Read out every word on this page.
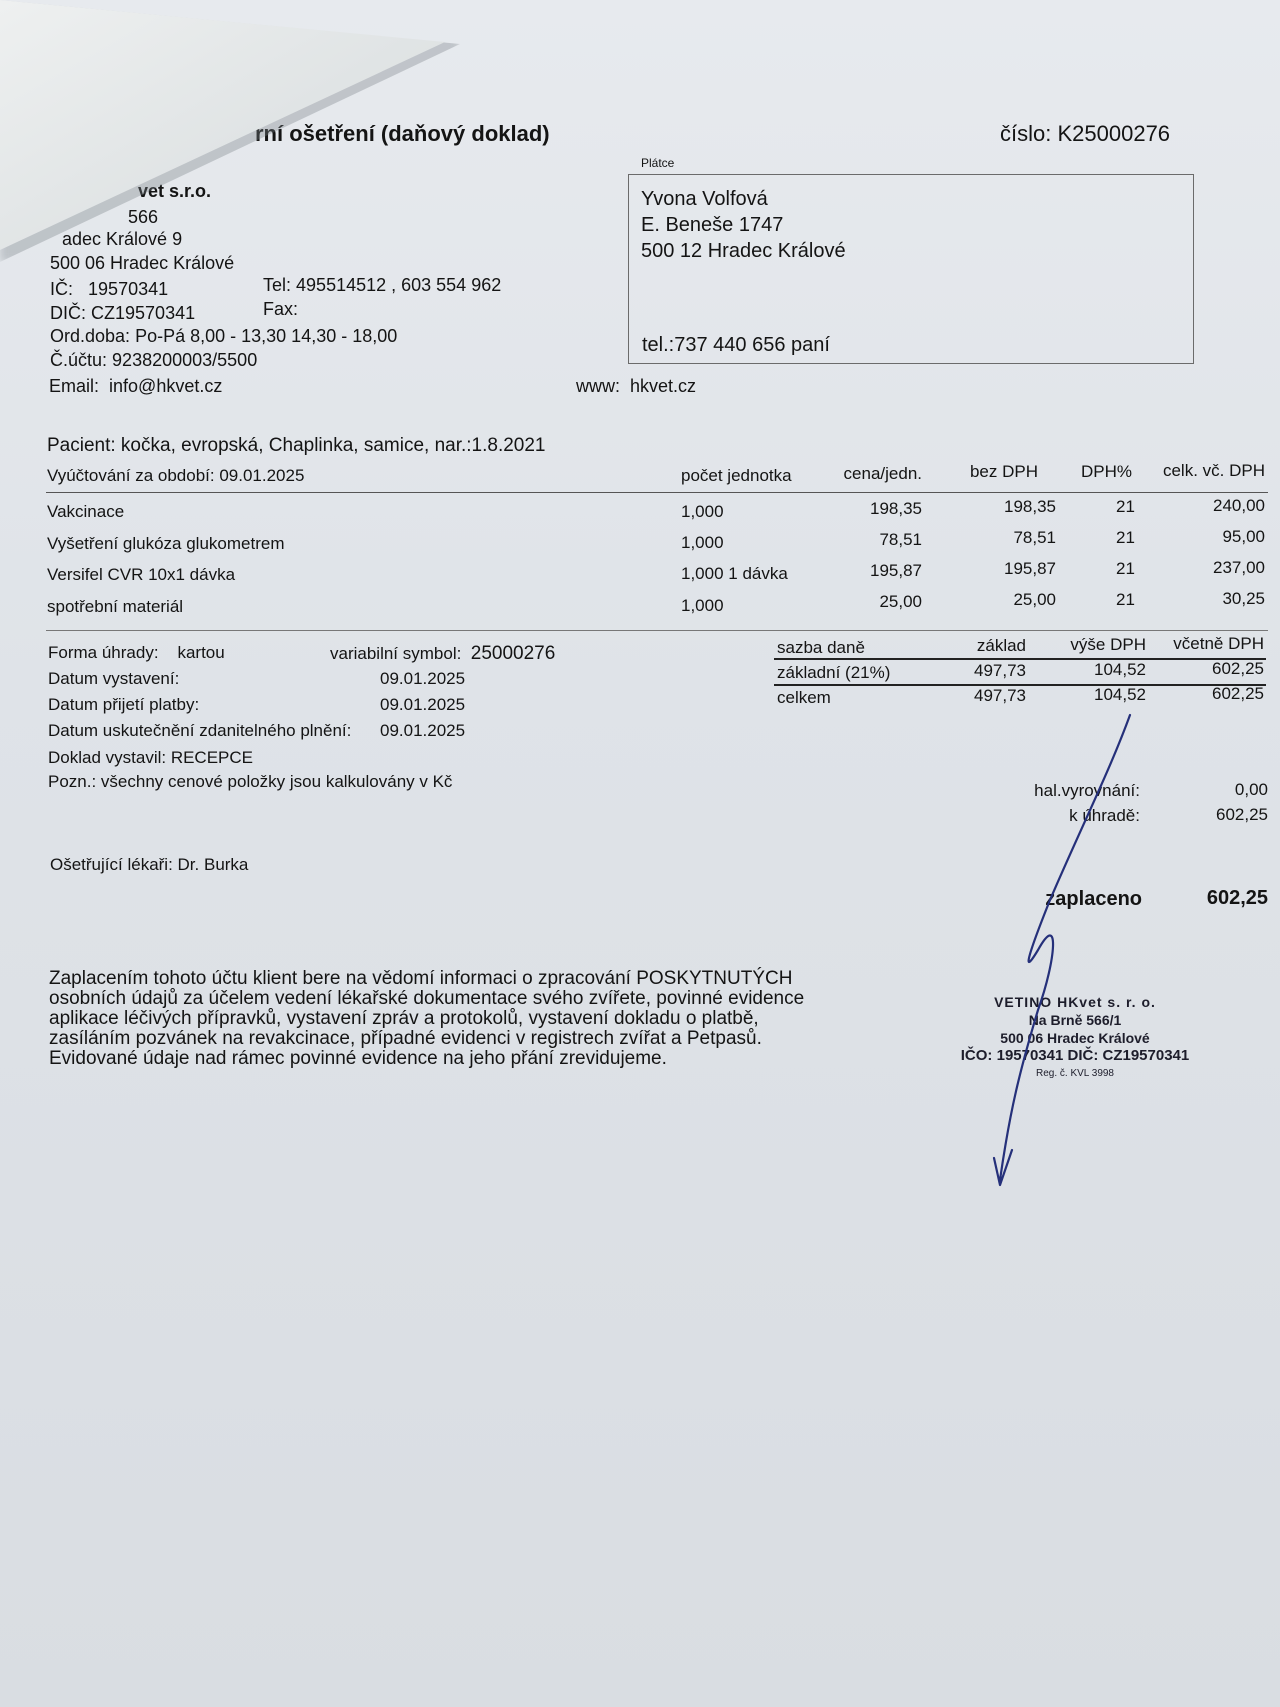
rní ošetření (daňový doklad)	číslo: K25000276
vet s.r.o.
566
adec Králové 9
500 06 Hradec Králové
IČ: 19570341	Tel: 495514512 , 603 554 962
DIČ: CZ19570341	Fax:
Ord.doba: Po-Pá 8,00 - 13,30 14,30 - 18,00
Č.účtu: 9238200003/5500
Email: info@hkvet.cz	www: hkvet.cz
Plátce
Yvona Volfová
E. Beneše 1747
500 12 Hradec Králové
tel.:737 440 656 paní
Pacient: kočka, evropská, Chaplinka, samice, nar.:1.8.2021
Vyúčtování za období: 09.01.2025	počet jednotka	cena/jedn.	bez DPH	DPH%	celk. vč. DPH
Vakcinace	1,000	198,35	198,35	21	240,00
Vyšetření glukóza glukometrem	1,000	78,51	78,51	21	95,00
Versifel CVR 10x1 dávka	1,000 1 dávka	195,87	195,87	21	237,00
spotřební materiál	1,000	25,00	25,00	21	30,25
Forma úhrady: kartou	variabilní symbol: 25000276
Datum vystavení:	09.01.2025
Datum přijetí platby:	09.01.2025
Datum uskutečnění zdanitelného plnění: 09.01.2025
Doklad vystavil: RECEPCE
Pozn.: všechny cenové položky jsou kalkulovány v Kč
Ošetřující lékaři: Dr. Burka
sazba daně	základ	výše DPH	včetně DPH
základní (21%)	497,73	104,52	602,25
celkem	497,73	104,52	602,25
hal.vyrovnání:	0,00
k úhradě:	602,25
zaplaceno	602,25
Zaplacením tohoto účtu klient bere na vědomí informaci o zpracování POSKYTNUTÝCH
osobních údajů za účelem vedení lékařské dokumentace svého zvířete, povinné evidence
aplikace léčivých přípravků, vystavení zpráv a protokolů, vystavení dokladu o platbě,
zasíláním pozvánek na revakcinace, případné evidenci v registrech zvířat a Petpasů.
Evidované údaje nad rámec povinné evidence na jeho přání zrevidujeme.
VETINO HKvet s. r. o.
Na Brně 566/1
500 06 Hradec Králové
IČO: 19570341 DIČ: CZ19570341
Reg. č. KVL 3998
